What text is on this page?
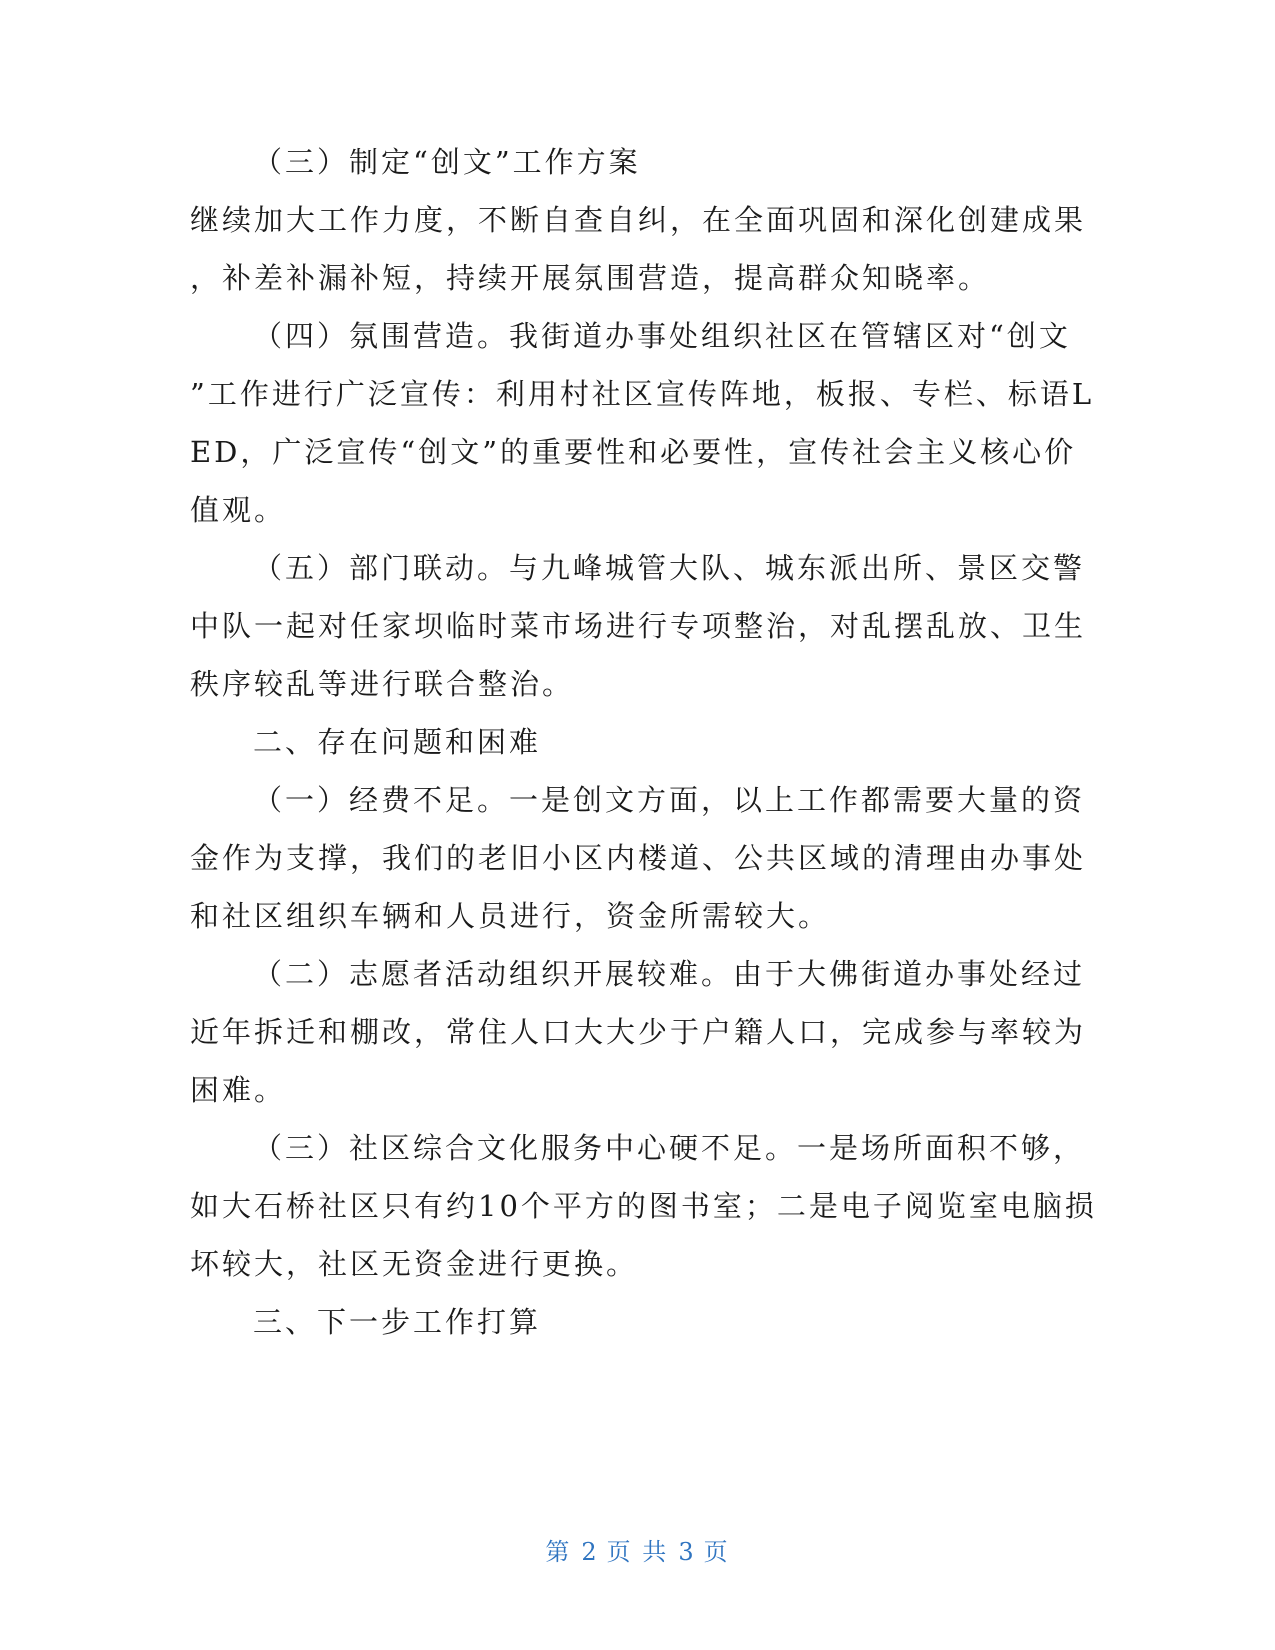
（三）制定“创文”工作方案

继续加大工作力度，不断自查自纠，在全面巩固和深化创建成果

，补差补漏补短，持续开展氛围营造，提高群众知晓率。

（四）氛围营造。我街道办事处组织社区在管辖区对“创文

”工作进行广泛宣传：利用村社区宣传阵地，板报、专栏、标语L

ED，广泛宣传“创文”的重要性和必要性，宣传社会主义核心价

值观。

（五）部门联动。与九峰城管大队、城东派出所、景区交警

中队一起对任家坝临时菜市场进行专项整治，对乱摆乱放、卫生

秩序较乱等进行联合整治。

二、存在问题和困难

（一）经费不足。一是创文方面，以上工作都需要大量的资

金作为支撑，我们的老旧小区内楼道、公共区域的清理由办事处

和社区组织车辆和人员进行，资金所需较大。

（二）志愿者活动组织开展较难。由于大佛街道办事处经过

近年拆迁和棚改，常住人口大大少于户籍人口，完成参与率较为

困难。

（三）社区综合文化服务中心硬不足。一是场所面积不够，

如大石桥社区只有约10个平方的图书室；二是电子阅览室电脑损

坏较大，社区无资金进行更换。

三、下一步工作打算

第 2 页 共 3 页
